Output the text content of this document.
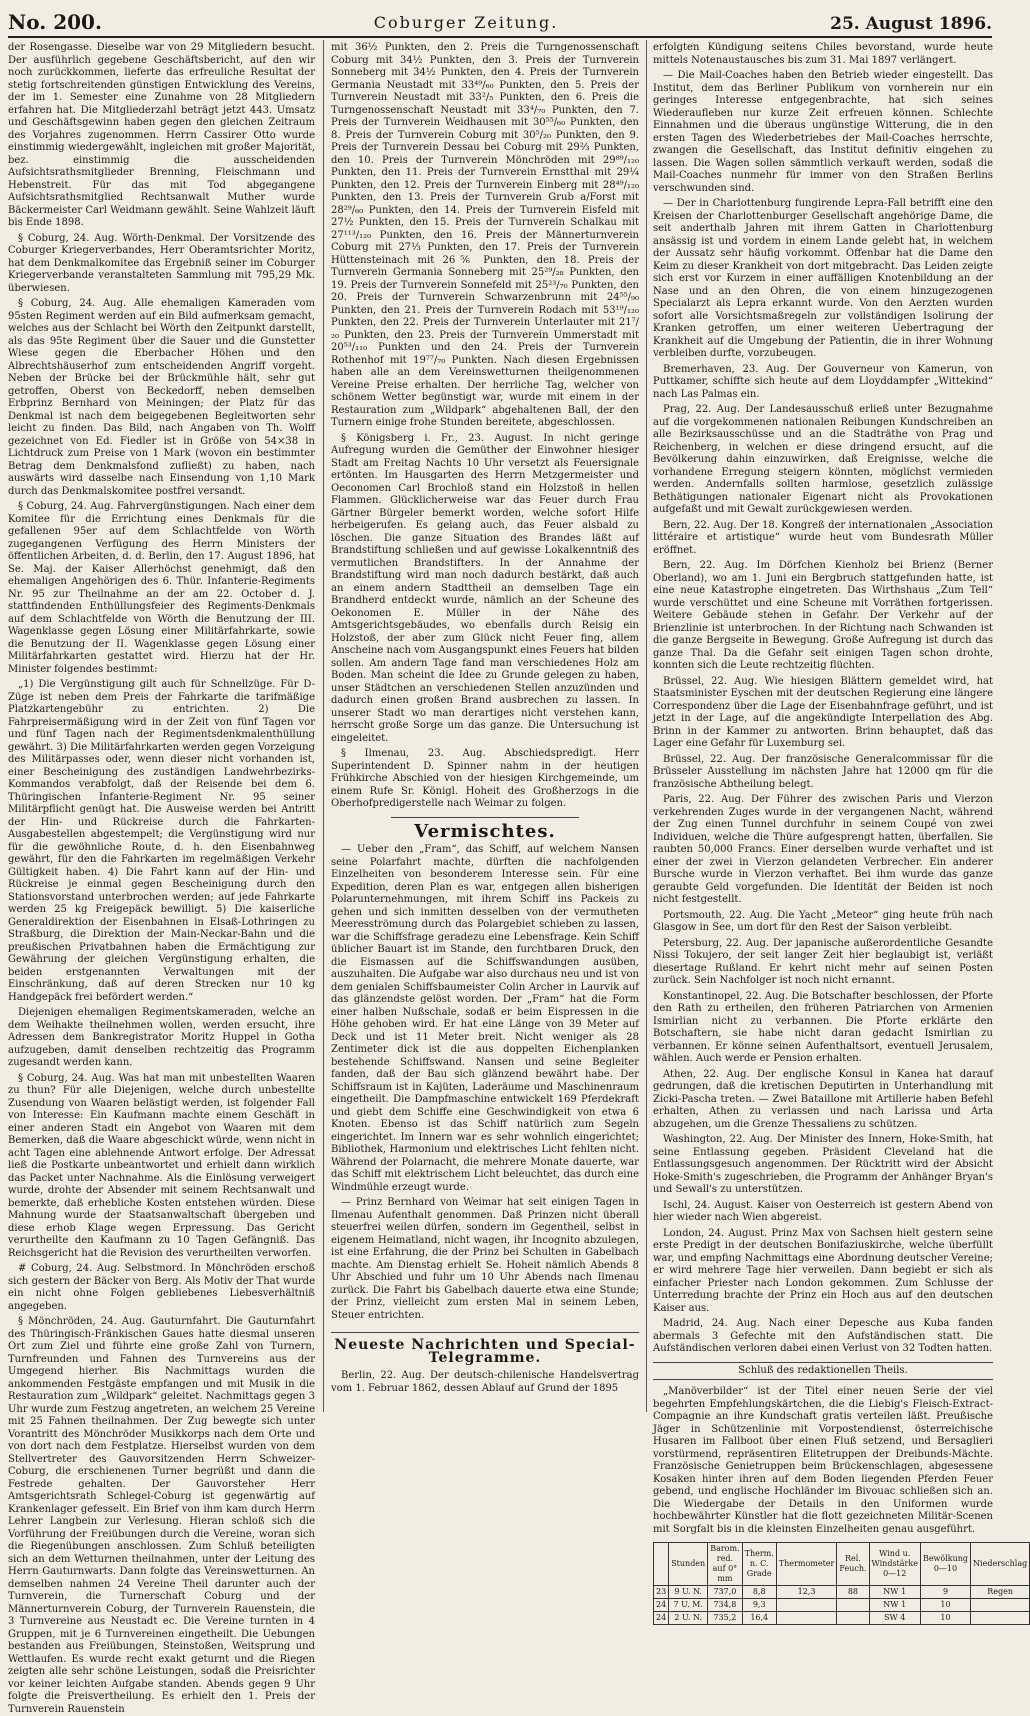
No. 200.	Coburger Zeitung.	25. August 1896.

der Rosengasse. Dieselbe war von 29 Mitgliedern besucht. Der ausführlich gegebene Geschäftsbericht, auf den wir noch zurückkommen, lieferte das erfreuliche Resultat der stetig fortschreitenden günstigen Entwicklung des Vereins, der im 1. Semester eine Zunahme von 28 Mitgliedern erfahren hat. Die Mitgliederzahl beträgt jetzt 443. Umsatz und Geschäftsgewinn haben gegen den gleichen Zeitraum des Vorjahres zugenommen. Herrn Cassirer Otto wurde einstimmig wiedergewählt, ingleichen mit großer Majorität, bez. einstimmig die ausscheidenden Aufsichtsrathsmitglieder Brenning, Fleischmann und Hebenstreit. Für das mit Tod abgegangene Aufsichtsrathsmitglied Rechtsanwalt Muther wurde Bäckermeister Carl Weidmann gewählt. Seine Wahlzeit läuft bis Ende 1898.

§ Coburg, 24. Aug. Wörth-Denkmal. Der Vorsitzende des Coburger Kriegerverbandes, Herr Oberamtsrichter Moritz, hat dem Denkmalkomitee das Ergebniß seiner im Coburger Kriegerverbande veranstalteten Sammlung mit 795,29 Mk. überwiesen.

§ Coburg, 24. Aug. Alle ehemaligen Kameraden vom 95sten Regiment werden auf ein Bild aufmerksam gemacht, welches aus der Schlacht bei Wörth den Zeitpunkt darstellt, als das 95te Regiment über die Sauer und die Gunstetter Wiese gegen die Eberbacher Höhen und den Albrechtshäuserhof zum entscheidenden Angriff vorgeht. Neben der Brücke bei der Brückmühle hält, sehr gut getroffen, Oberst von Beckedorff, neben demselben Erbprinz Bernhard von Meiningen; der Platz für das Denkmal ist nach dem beigegebenen Begleitworten sehr leicht zu finden. Das Bild, nach Angaben von Th. Wolff gezeichnet von Ed. Fiedler ist in Größe von 54×38 in Lichtdruck zum Preise von 1 Mark (wovon ein bestimmter Betrag dem Denkmalsfond zufließt) zu haben, nach auswärts wird dasselbe nach Einsendung von 1,10 Mark durch das Denkmalskomitee postfrei versandt.

§ Coburg, 24. Aug. Fahrvergünstigungen. Nach einer dem Komitee für die Errichtung eines Denkmals für die gefallenen 95er auf dem Schlachtfelde von Wörth zugegangenen Verfügung des Herrn Ministers der öffentlichen Arbeiten, d. d. Berlin, den 17. August 1896, hat Se. Maj. der Kaiser Allerhöchst genehmigt, daß den ehemaligen Angehörigen des 6. Thür. Infanterie-Regiments Nr. 95 zur Theilnahme an der am 22. October d. J. stattfindenden Enthüllungsfeier des Regiments-Denkmals auf dem Schlachtfelde von Wörth die Benutzung der III. Wagenklasse gegen Lösung einer Militärfahrkarte, sowie die Benutzung der II. Wagenklasse gegen Lösung einer Militärfahrkarten gestattet wird. Hierzu hat der Hr. Minister folgendes bestimmt:

„1) Die Vergünstigung gilt auch für Schnellzüge. Für D-Züge ist neben dem Preis der Fahrkarte die tarifmäßige Platzkartengebühr zu entrichten. 2) Die Fahrpreisermäßigung wird in der Zeit von fünf Tagen vor und fünf Tagen nach der Regimentsdenkmalenthüllung gewährt. 3) Die Militärfahrkarten werden gegen Vorzeigung des Militärpasses oder, wenn dieser nicht vorhanden ist, einer Bescheinigung des zuständigen Landwehrbezirks-Kommandos verabfolgt, daß der Reisende bei dem 6. Thüringischen Infanterie-Regiment Nr. 95 seiner Militärpflicht genügt hat. Die Ausweise werden bei Antritt der Hin- und Rückreise durch die Fahrkarten-Ausgabestellen abgestempelt; die Vergünstigung wird nur für die gewöhnliche Route, d. h. den Eisenbahnweg gewährt, für den die Fahrkarten im regelmäßigen Verkehr Gültigkeit haben. 4) Die Fahrt kann auf der Hin- und Rückreise je einmal gegen Bescheinigung durch den Stationsvorstand unterbrochen werden; auf jede Fahrkarte werden 25 kg Freigepäck bewilligt. 5) Die kaiserliche Generaldirektion der Eisenbahnen in Elsaß-Lothringen zu Straßburg, die Direktion der Main-Neckar-Bahn und die preußischen Privatbahnen haben die Ermächtigung zur Gewährung der gleichen Vergünstigung erhalten, die beiden erstgenannten Verwaltungen mit der Einschränkung, daß auf deren Strecken nur 10 kg Handgepäck frei befördert werden.“

Diejenigen ehemaligen Regimentskameraden, welche an dem Weihakte theilnehmen wollen, werden ersucht, ihre Adressen dem Bankregistrator Moritz Huppel in Gotha aufzugeben, damit denselben rechtzeitig das Programm zugesandt werden kann.

§ Coburg, 24. Aug. Was hat man mit unbestellten Waaren zu thun? Für alle Diejenigen, welche durch unbestellte Zusendung von Waaren belästigt werden, ist folgender Fall von Interesse: Ein Kaufmann machte einem Geschäft in einer anderen Stadt ein Angebot von Waaren mit dem Bemerken, daß die Waare abgeschickt würde, wenn nicht in acht Tagen eine ablehnende Antwort erfolge. Der Adressat ließ die Postkarte unbeantwortet und erhielt dann wirklich das Packet unter Nachnahme. Als die Einlösung verweigert wurde, drohte der Absender mit seinem Rechtsanwalt und bemerkte, daß erhebliche Kosten entstehen würden. Diese Mahnung wurde der Staatsanwaltschaft übergeben und diese erhob Klage wegen Erpressung. Das Gericht verurtheilte den Kaufmann zu 10 Tagen Gefängniß. Das Reichsgericht hat die Revision des verurtheilten verworfen.

# Coburg, 24. Aug. Selbstmord. In Mönchröden erschoß sich gestern der Bäcker von Berg. Als Motiv der That wurde ein nicht ohne Folgen gebliebenes Liebesverhältniß angegeben.

§ Mönchröden, 24. Aug. Gauturnfahrt. Die Gauturnfahrt des Thüringisch-Fränkischen Gaues hatte diesmal unseren Ort zum Ziel und führte eine große Zahl von Turnern, Turnfreunden und Fahnen des Turnvereins aus der Umgegend hierher. Bis Nachmittags wurden die ankommenden Festgäste empfangen und mit Musik in die Restauration zum „Wildpark“ geleitet. Nachmittags gegen 3 Uhr wurde zum Festzug angetreten, an welchem 25 Vereine mit 25 Fahnen theilnahmen. Der Zug bewegte sich unter Vorantritt des Mönchröder Musikkorps nach dem Orte und von dort nach dem Festplatze. Hierselbst wurden von dem Stellvertreter des Gauvorsitzenden Herrn Schweizer-Coburg, die erschienenen Turner begrüßt und dann die Festrede gehalten. Der Gauvorsteher Herr Amtsgerichtsrath Schlegel-Coburg ist gegenwärtig auf Krankenlager gefesselt. Ein Brief von ihm kam durch Herrn Lehrer Langbein zur Verlesung. Hieran schloß sich die Vorführung der Freiübungen durch die Vereine, woran sich die Riegenübungen anschlossen. Zum Schluß beteiligten sich an dem Wetturnen theilnahmen, unter der Leitung des Herrn Gauturnwarts. Dann folgte das Vereinswetturnen. An demselben nahmen 24 Vereine Theil darunter auch der Turnverein, die Turnerschaft Coburg und der Männerturnverein Coburg, der Turnverein Rauenstein, die 3 Turnvereine aus Neustadt ec. Die Vereine turnten in 4 Gruppen, mit je 6 Turnvereinen eingetheilt. Die Uebungen bestanden aus Freiübungen, Steinstoßen, Weitsprung und Wettlaufen. Es wurde recht exakt geturnt und die Riegen zeigten alle sehr schöne Leistungen, sodaß die Preisrichter vor keiner leichten Aufgabe standen. Abends gegen 9 Uhr folgte die Preisvertheilung. Es erhielt den 1. Preis der Turnverein Rauenstein

mit 36½ Punkten, den 2. Preis die Turngenossenschaft Coburg mit 34½ Punkten, den 3. Preis der Turnverein Sonneberg mit 34½ Punkten, den 4. Preis der Turnverein Germania Neustadt mit 33⁴⁹/₆₀ Punkten, den 5. Preis der Turnverein Neustadt mit 33²/₅ Punkten, den 6. Preis die Turngenossenschaft Neustadt mit 33⁴/₇₀ Punkten, den 7. Preis der Turnverein Weidhausen mit 30⁵⁵/₆₀ Punkten, den 8. Preis der Turnverein Coburg mit 30⁵/₂₀ Punkten, den 9. Preis der Turnverein Dessau bei Coburg mit 29⅔ Punkten, den 10. Preis der Turnverein Mönchröden mit 29⁸⁹/₁₂₀ Punkten, den 11. Preis der Turnverein Ernstthal mit 29¼ Punkten, den 12. Preis der Turnverein Einberg mit 28⁴⁹/₁₂₀ Punkten, den 13. Preis der Turnverein Grub a/Forst mit 28²⁹/₆₀ Punkten, den 14. Preis der Turnverein Eisfeld mit 27½ Punkten, den 15. Preis der Turnverein Schalkau mit 27¹¹³/₁₂₀ Punkten, den 16. Preis der Männerturnverein Coburg mit 27⅓ Punkten, den 17. Preis der Turnverein Hüttensteinach mit 26⅚ Punkten, den 18. Preis der Turnverein Germania Sonneberg mit 25²⁹/₂₈ Punkten, den 19. Preis der Turnverein Sonnefeld mit 25²³/₇₀ Punkten, den 20. Preis der Turnverein Schwarzenbrunn mit 24⁵⁵/₉₀ Punkten, den 21. Preis der Turnverein Rodach mit 53¹⁹/₁₂₀ Punkten, den 22. Preis der Turnverein Unterlauter mit 21⁷/₂₀ Punkten, den 23. Preis der Turnverein Ummerstadt mit 20⁵³/₁₁₀ Punkten und den 24. Preis der Turnverein Rothenhof mit 19⁷⁷/₇₀ Punkten. Nach diesen Ergebnissen haben alle an dem Vereinswetturnen theilgenommenen Vereine Preise erhalten. Der herrliche Tag, welcher von schönem Wetter begünstigt war, wurde mit einem in der Restauration zum „Wildpark“ abgehaltenen Ball, der den Turnern einige frohe Stunden bereitete, abgeschlossen.

§ Königsberg i. Fr., 23. August. In nicht geringe Aufregung wurden die Gemüther der Einwohner hiesiger Stadt am Freitag Nachts 10 Uhr versetzt als Feuersignale ertönten. Im Hausgarten des Herrn Metzgermeister und Oeconomen Carl Brochloß stand ein Holzstoß in hellen Flammen. Glücklicherweise war das Feuer durch Frau Gärtner Bürgeler bemerkt worden, welche sofort Hilfe herbeigerufen. Es gelang auch, das Feuer alsbald zu löschen. Die ganze Situation des Brandes läßt auf Brandstiftung schließen und auf gewisse Lokalkenntniß des vermutlichen Brandstifters. In der Annahme der Brandstiftung wird man noch dadurch bestärkt, daß auch an einem andern Stadttheil an demselben Tage ein Brandherd entdeckt wurde, nämlich an der Scheune des Oekonomen E. Müller in der Nähe des Amtsgerichtsgebäudes, wo ebenfalls durch Reisig ein Holzstoß, der aber zum Glück nicht Feuer fing, allem Anscheine nach vom Ausgangspunkt eines Feuers hat bilden sollen. Am andern Tage fand man verschiedenes Holz am Boden. Man scheint die Idee zu Grunde gelegen zu haben, unser Städtchen an verschiedenen Stellen anzuzünden und dadurch einen großen Brand ausbrechen zu lassen. In unserer Stadt wo man derartiges nicht verstehen kann, herrscht große Sorge um das ganze. Die Untersuchung ist eingeleitet.

§ Ilmenau, 23. Aug. Abschiedspredigt. Herr Superintendent D. Spinner nahm in der heutigen Frühkirche Abschied von der hiesigen Kirchgemeinde, um einem Rufe Sr. Königl. Hoheit des Großherzogs in die Oberhofpredigerstelle nach Weimar zu folgen.

Vermischtes.

— Ueber den „Fram“, das Schiff, auf welchem Nansen seine Polarfahrt machte, dürften die nachfolgenden Einzelheiten von besonderem Interesse sein. Für eine Expedition, deren Plan es war, entgegen allen bisherigen Polarunternehmungen, mit ihrem Schiff ins Packeis zu gehen und sich inmitten desselben von der vermutheten Meeresströmung durch das Polargebiet schieben zu lassen, war die Schiffsfrage geradezu eine Lebensfrage. Kein Schiff üblicher Bauart ist im Stande, den furchtbaren Druck, den die Eismassen auf die Schiffswandungen ausüben, auszuhalten. Die Aufgabe war also durchaus neu und ist von dem genialen Schiffsbaumeister Colin Archer in Laurvik auf das glänzendste gelöst worden. Der „Fram“ hat die Form einer halben Nußschale, sodaß er beim Eispressen in die Höhe gehoben wird. Er hat eine Länge von 39 Meter auf Deck und ist 11 Meter breit. Nicht weniger als 28 Zentimeter dick ist die aus doppelten Eichenplanken bestehende Schiffswand. Nansen und seine Begleiter fanden, daß der Bau sich glänzend bewährt habe. Der Schiffsraum ist in Kajüten, Laderäume und Maschinenraum eingetheilt. Die Dampfmaschine entwickelt 169 Pferdekraft und giebt dem Schiffe eine Geschwindigkeit von etwa 6 Knoten. Ebenso ist das Schiff natürlich zum Segeln eingerichtet. Im Innern war es sehr wohnlich eingerichtet; Bibliothek, Harmonium und elektrisches Licht fehlten nicht. Während der Polarnacht, die mehrere Monate dauerte, war das Schiff mit elektrischem Licht beleuchtet, das durch eine Windmühle erzeugt wurde.

— Prinz Bernhard von Weimar hat seit einigen Tagen in Ilmenau Aufenthalt genommen. Daß Prinzen nicht überall steuerfrei weilen dürfen, sondern im Gegentheil, selbst in eigenem Heimatland, nicht wagen, ihr Incognito abzulegen, ist eine Erfahrung, die der Prinz bei Schulten in Gabelbach machte. Am Dienstag erhielt Se. Hoheit nämlich Abends 8 Uhr Abschied und fuhr um 10 Uhr Abends nach Ilmenau zurück. Die Fahrt bis Gabelbach dauerte etwa eine Stunde; der Prinz, vielleicht zum ersten Mal in seinem Leben, Steuer entrichten.

Neueste Nachrichten und Special-Telegramme.

Berlin, 22. Aug. Der deutsch-chilenische Handelsvertrag vom 1. Februar 1862, dessen Ablauf auf Grund der 1895

erfolgten Kündigung seitens Chiles bevorstand, wurde heute mittels Notenaustausches bis zum 31. Mai 1897 verlängert.

— Die Mail-Coaches haben den Betrieb wieder eingestellt. Das Institut, dem das Berliner Publikum von vornherein nur ein geringes Interesse entgegenbrachte, hat sich seines Wiederaufleben nur kurze Zeit erfreuen können. Schlechte Einnahmen und die überaus ungünstige Witterung, die in den ersten Tagen des Wiederbetriebes der Mail-Coaches herrschte, zwangen die Gesellschaft, das Institut definitiv eingehen zu lassen. Die Wagen sollen sämmtlich verkauft werden, sodaß die Mail-Coaches nunmehr für immer von den Straßen Berlins verschwunden sind.

— Der in Charlottenburg fungirende Lepra-Fall betrifft eine den Kreisen der Charlottenburger Gesellschaft angehörige Dame, die seit anderthalb Jahren mit ihrem Gatten in Charlottenburg ansässig ist und vordem in einem Lande gelebt hat, in welchem der Aussatz sehr häufig vorkommt. Offenbar hat die Dame den Keim zu dieser Krankheit von dort mitgebracht. Das Leiden zeigte sich erst vor Kurzem in einer auffälligen Knotenbildung an der Nase und an den Ohren, die von einem hinzugezogenen Specialarzt als Lepra erkannt wurde. Von den Aerzten wurden sofort alle Vorsichtsmaßregeln zur vollständigen Isolirung der Kranken getroffen, um einer weiteren Uebertragung der Krankheit auf die Umgebung der Patientin, die in ihrer Wohnung verbleiben durfte, vorzubeugen.

Bremerhaven, 23. Aug. Der Gouverneur von Kamerun, von Puttkamer, schiffte sich heute auf dem Lloyddampfer „Wittekind“ nach Las Palmas ein.

Prag, 22. Aug. Der Landesausschuß erließ unter Bezugnahme auf die vorgekommenen nationalen Reibungen Kundschreiben an alle Bezirksausschüsse und an die Stadträthe von Prag und Reichenberg, in welchen er diese dringend ersucht, auf die Bevölkerung dahin einzuwirken, daß Ereignisse, welche die vorhandene Erregung steigern könnten, möglichst vermieden werden. Andernfalls sollten harmlose, gesetzlich zulässige Bethätigungen nationaler Eigenart nicht als Provokationen aufgefaßt und mit Gewalt zurückgewiesen werden.

Bern, 22. Aug. Der 18. Kongreß der internationalen „Association littéraire et artistique“ wurde heut vom Bundesrath Müller eröffnet.

Bern, 22. Aug. Im Dörfchen Kienholz bei Brienz (Berner Oberland), wo am 1. Juni ein Bergbruch stattgefunden hatte, ist eine neue Katastrophe eingetreten. Das Wirthshaus „Zum Tell“ wurde verschüttet und eine Scheune mit Vorräthen fortgerissen. Weitere Gebäude stehen in Gefahr. Der Verkehr auf der Brienzlinie ist unterbrochen. In der Richtung nach Schwanden ist die ganze Bergseite in Bewegung. Große Aufregung ist durch das ganze Thal. Da die Gefahr seit einigen Tagen schon drohte, konnten sich die Leute rechtzeitig flüchten.

Brüssel, 22. Aug. Wie hiesigen Blättern gemeldet wird, hat Staatsminister Eyschen mit der deutschen Regierung eine längere Correspondenz über die Lage der Eisenbahnfrage geführt, und ist jetzt in der Lage, auf die angekündigte Interpellation des Abg. Brinn in der Kammer zu antworten. Brinn behauptet, daß das Lager eine Gefahr für Luxemburg sei.

Brüssel, 22. Aug. Der französische Generalcommissar für die Brüsseler Ausstellung im nächsten Jahre hat 12000 qm für die französische Abtheilung belegt.

Paris, 22. Aug. Der Führer des zwischen Paris und Vierzon verkehrenden Zuges wurde in der vergangenen Nacht, während der Zug einen Tunnel durchfuhr in seinem Coupé von zwei Individuen, welche die Thüre aufgesprengt hatten, überfallen. Sie raubten 50,000 Francs. Einer derselben wurde verhaftet und ist einer der zwei in Vierzon gelandeten Verbrecher. Ein anderer Bursche wurde in Vierzon verhaftet. Bei ihm wurde das ganze geraubte Geld vorgefunden. Die Identität der Beiden ist noch nicht festgestellt.

Portsmouth, 22. Aug. Die Yacht „Meteor“ ging heute früh nach Glasgow in See, um dort für den Rest der Saison verbleibt.

Petersburg, 22. Aug. Der japanische außerordentliche Gesandte Nissi Tokujero, der seit langer Zeit hier beglaubigt ist, verläßt diesertage Rußland. Er kehrt nicht mehr auf seinen Posten zurück. Sein Nachfolger ist noch nicht ernannt.

Konstantinopel, 22. Aug. Die Botschafter beschlossen, der Pforte den Rath zu ertheilen, den früheren Patriarchen von Armenien Ismirlian nicht zu verbannen. Die Pforte erklärte den Botschaftern, sie habe nicht daran gedacht Ismirlian zu verbannen. Er könne seinen Aufenthaltsort, eventuell Jerusalem, wählen. Auch werde er Pension erhalten.

Athen, 22. Aug. Der englische Konsul in Kanea hat darauf gedrungen, daß die kretischen Deputirten in Unterhandlung mit Zicki-Pascha treten. — Zwei Bataillone mit Artillerie haben Befehl erhalten, Athen zu verlassen und nach Larissa und Arta abzugehen, um die Grenze Thessaliens zu schützen.

Washington, 22. Aug. Der Minister des Innern, Hoke-Smith, hat seine Entlassung gegeben. Präsident Cleveland hat die Entlassungsgesuch angenommen. Der Rücktritt wird der Absicht Hoke-Smith's zugeschrieben, die Programm der Anhänger Bryan's und Sewall's zu unterstützen.

Ischl, 24. August. Kaiser von Oesterreich ist gestern Abend von hier wieder nach Wien abgereist.

London, 24. August. Prinz Max von Sachsen hielt gestern seine erste Predigt in der deutschen Bonifaziuskirche, welche überfüllt war, und empfing Nachmittags eine Abordnung deutscher Vereine; er wird mehrere Tage hier verweilen. Dann begiebt er sich als einfacher Priester nach London gekommen. Zum Schlusse der Unterredung brachte der Prinz ein Hoch aus auf den deutschen Kaiser aus.

Madrid, 24. Aug. Nach einer Depesche aus Kuba fanden abermals 3 Gefechte mit den Aufständischen statt. Die Aufständischen verloren dabei einen Verlust von 32 Todten hatten.

Schluß des redaktionellen Theils.

„Manöverbilder“ ist der Titel einer neuen Serie der viel begehrten Empfehlungskärtchen, die die Liebig's Fleisch-Extract-Compagnie an ihre Kundschaft gratis verteilen läßt. Preußische Jäger in Schützenlinie mit Vorpostendienst, österreichische Husaren im Fallboot über einen Fluß setzend, und Bersaglieri vorstürmend, repräsentiren Elitetruppen der Dreibunds-Mächte. Französische Genietruppen beim Brückenschlagen, abgesessene Kosaken hinter ihren auf dem Boden liegenden Pferden Feuer gebend, und englische Hochländer im Bivouac schließen sich an. Die Wiedergabe der Details in den Uniformen wurde hochbewährter Künstler hat die flott gezeichneten Militär-Scenen mit Sorgfalt bis in die kleinsten Einzelheiten genau ausgeführt.

	Stunden	Barom. red. auf 0° mm	Therm. n. C. Grade	Thermometer	Rel. Feuch.	Wind u. Windstärke 0—12	Bewölkung 0—10	Niederschlag
23	9 U. N.	737,0	8,8	12,3	88	NW 1	9	Regen
24	7 U. M.	734,8	9,3			NW 1	10	
24	2 U. N.	735,2	16,4			SW 4	10	
